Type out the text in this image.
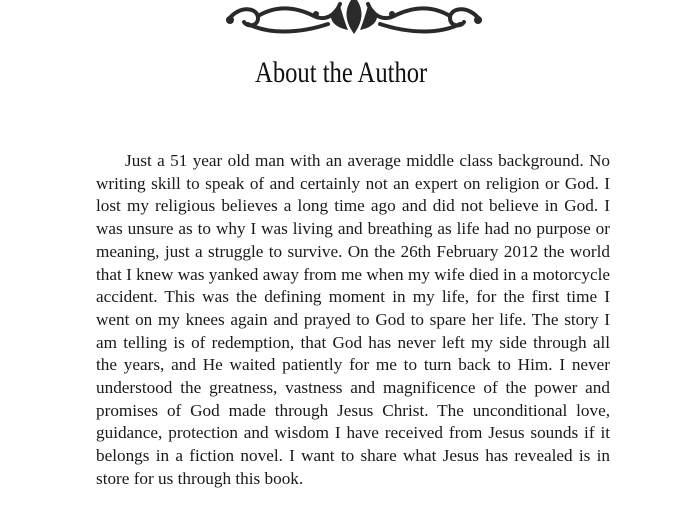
About the Author

Just a 51 year old man with an average middle class background. No writing skill to speak of and certainly not an expert on religion or God. I lost my religious believes a long time ago and did not believe in God. I was unsure as to why I was living and breathing as life had no purpose or meaning, just a struggle to survive. On the 26th February 2012 the world that I knew was yanked away from me when my wife died in a motorcycle accident. This was the defining moment in my life, for the first time I went on my knees again and prayed to God to spare her life. The story I am telling is of redemption, that God has never left my side through all the years, and He waited patiently for me to turn back to Him. I never understood the greatness, vastness and magnificence of the power and promises of God made through Jesus Christ. The unconditional love, guidance, protection and wisdom I have received from Jesus sounds if it belongs in a fiction novel. I want to share what Jesus has revealed is in store for us through this book.
